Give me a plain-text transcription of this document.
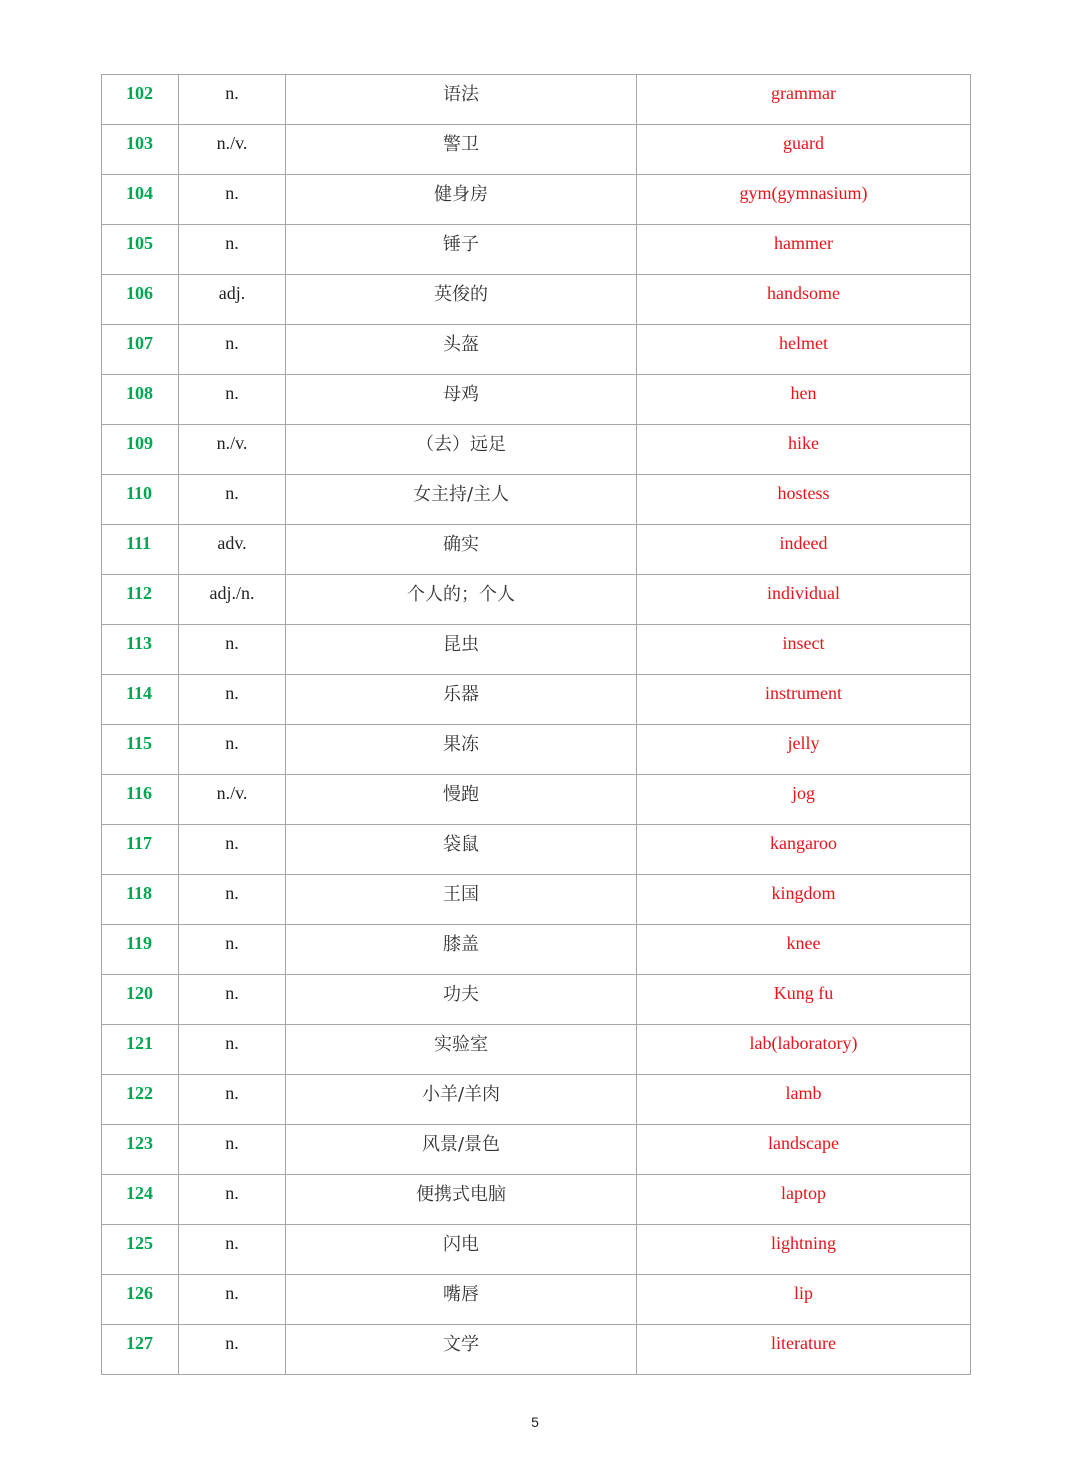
102	n.	语法	grammar

103	n./v.	警卫	guard

104	n.	健身房	gym(gymnasium)

105	n.	锤子	hammer

106	adj.	英俊的	handsome

107	n.	头盔	helmet

108	n.	母鸡	hen

109	n./v.	（去）远足	hike

110	n.	女主持/主人	hostess

111	adv.	确实	indeed

112	adj./n.	个人的；个人	individual

113	n.	昆虫	insect

114	n.	乐器	instrument

115	n.	果冻	jelly

116	n./v.	慢跑	jog

117	n.	袋鼠	kangaroo

118	n.	王国	kingdom

119	n.	膝盖	knee

120	n.	功夫	Kung fu

121	n.	实验室	lab(laboratory)

122	n.	小羊/羊肉	lamb

123	n.	风景/景色	landscape

124	n.	便携式电脑	laptop

125	n.	闪电	lightning

126	n.	嘴唇	lip

127	n.	文学	literature
5
